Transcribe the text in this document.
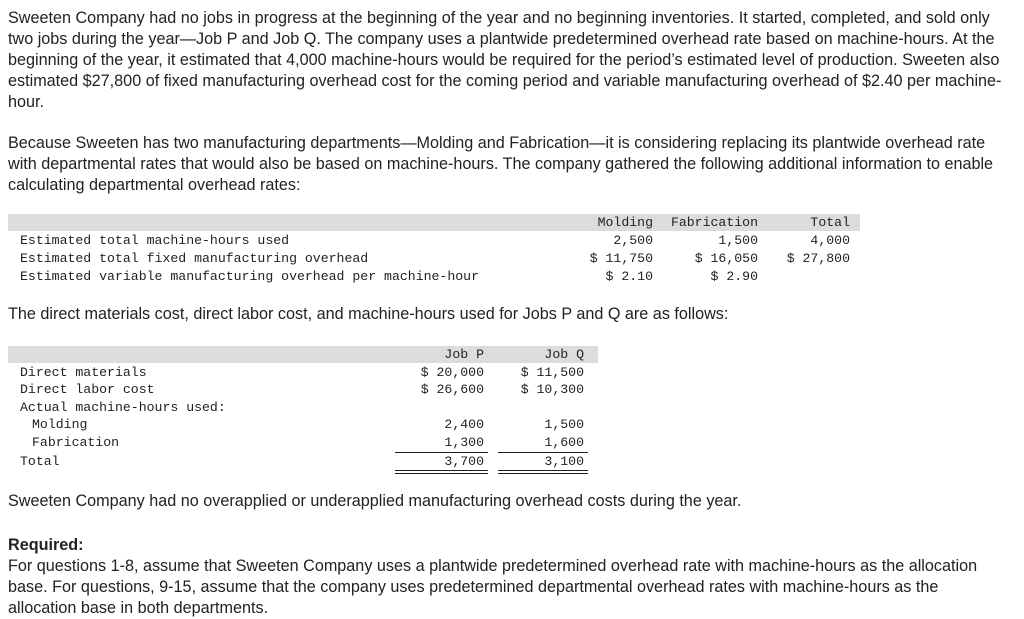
Sweeten Company had no jobs in progress at the beginning of the year and no beginning inventories. It started, completed, and sold only two jobs during the year—Job P and Job Q. The company uses a plantwide predetermined overhead rate based on machine-hours. At the beginning of the year, it estimated that 4,000 machine-hours would be required for the period’s estimated level of production. Sweeten also estimated $27,800 of fixed manufacturing overhead cost for the coming period and variable manufacturing overhead of $2.40 per machine-hour.

Because Sweeten has two manufacturing departments—Molding and Fabrication—it is considering replacing its plantwide overhead rate with departmental rates that would also be based on machine-hours. The company gathered the following additional information to enable calculating departmental overhead rates:

Molding	Fabrication	Total
Estimated total machine-hours used	2,500	1,500	4,000
Estimated total fixed manufacturing overhead	$ 11,750	$ 16,050	$ 27,800
Estimated variable manufacturing overhead per machine-hour	$ 2.10	$ 2.90

The direct materials cost, direct labor cost, and machine-hours used for Jobs P and Q are as follows:

Job P	Job Q
Direct materials	$ 20,000	$ 11,500
Direct labor cost	$ 26,600	$ 10,300
Actual machine-hours used:
Molding	2,400	1,500
Fabrication	1,300	1,600
Total	3,700	3,100

Sweeten Company had no overapplied or underapplied manufacturing overhead costs during the year.

Required:

For questions 1-8, assume that Sweeten Company uses a plantwide predetermined overhead rate with machine-hours as the allocation base. For questions, 9-15, assume that the company uses predetermined departmental overhead rates with machine-hours as the allocation base in both departments.
